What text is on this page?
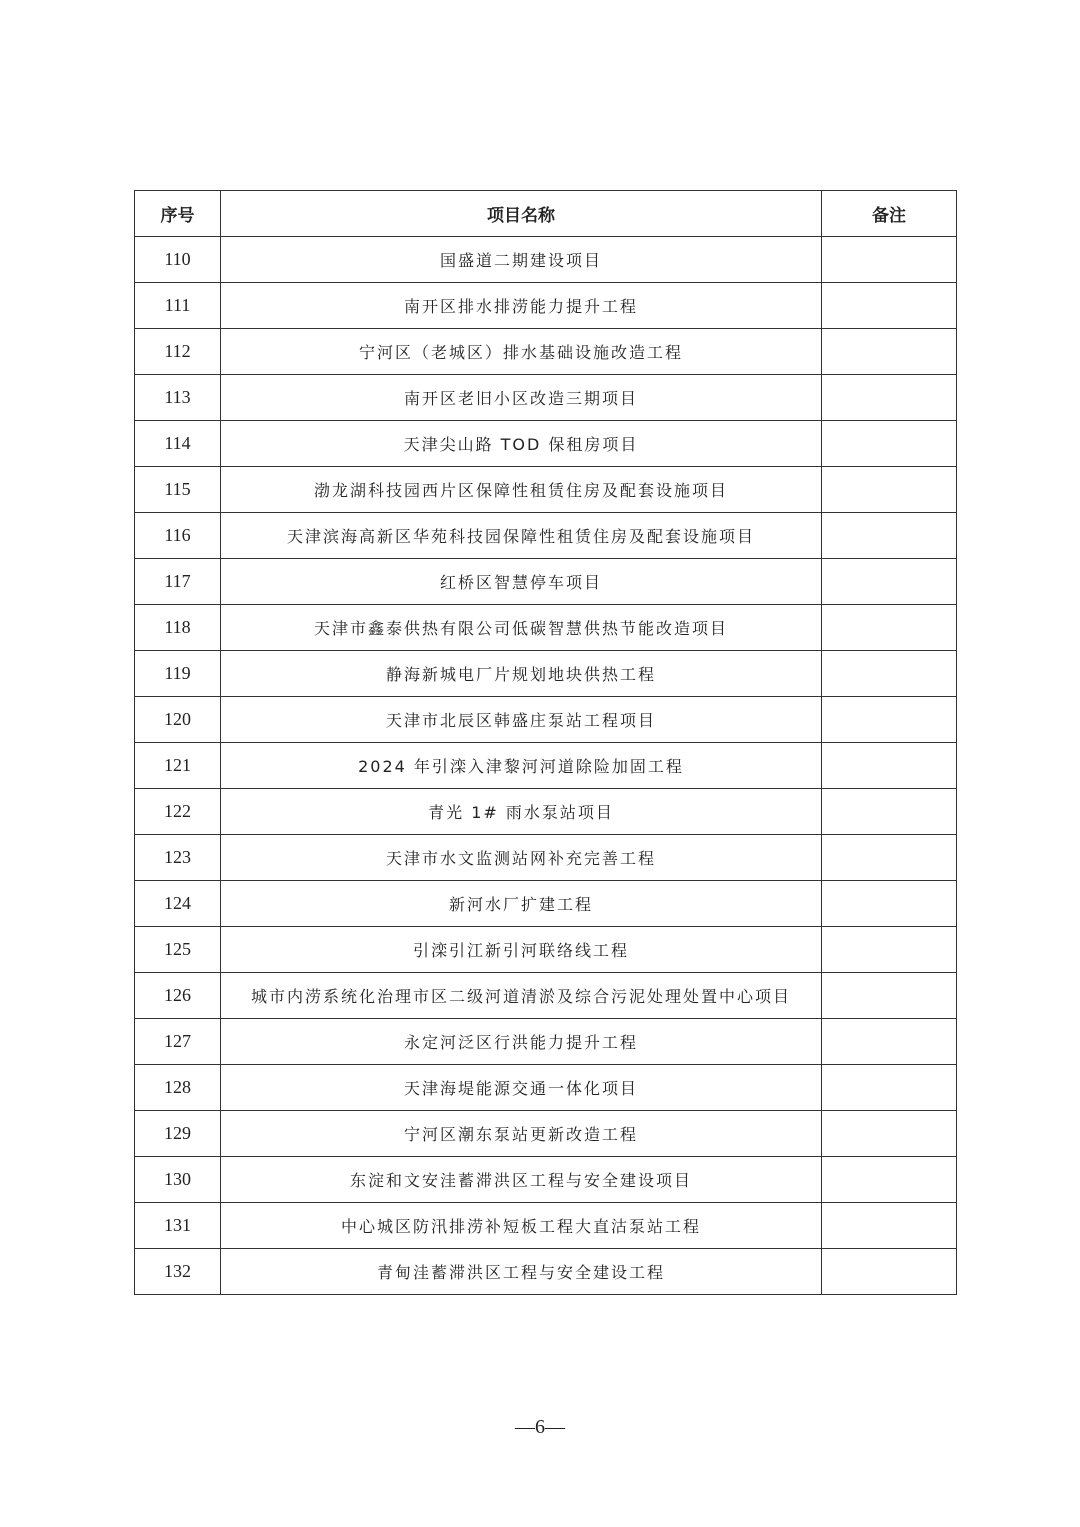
序号	项目名称	备注
110	国盛道二期建设项目	
111	南开区排水排涝能力提升工程	
112	宁河区（老城区）排水基础设施改造工程	
113	南开区老旧小区改造三期项目	
114	天津尖山路 TOD 保租房项目	
115	渤龙湖科技园西片区保障性租赁住房及配套设施项目	
116	天津滨海高新区华苑科技园保障性租赁住房及配套设施项目	
117	红桥区智慧停车项目	
118	天津市鑫泰供热有限公司低碳智慧供热节能改造项目	
119	静海新城电厂片规划地块供热工程	
120	天津市北辰区韩盛庄泵站工程项目	
121	2024 年引滦入津黎河河道除险加固工程	
122	青光 1# 雨水泵站项目	
123	天津市水文监测站网补充完善工程	
124	新河水厂扩建工程	
125	引滦引江新引河联络线工程	
126	城市内涝系统化治理市区二级河道清淤及综合污泥处理处置中心项目	
127	永定河泛区行洪能力提升工程	
128	天津海堤能源交通一体化项目	
129	宁河区潮东泵站更新改造工程	
130	东淀和文安洼蓄滞洪区工程与安全建设项目	
131	中心城区防汛排涝补短板工程大直沽泵站工程	
132	青甸洼蓄滞洪区工程与安全建设工程	
—6—
